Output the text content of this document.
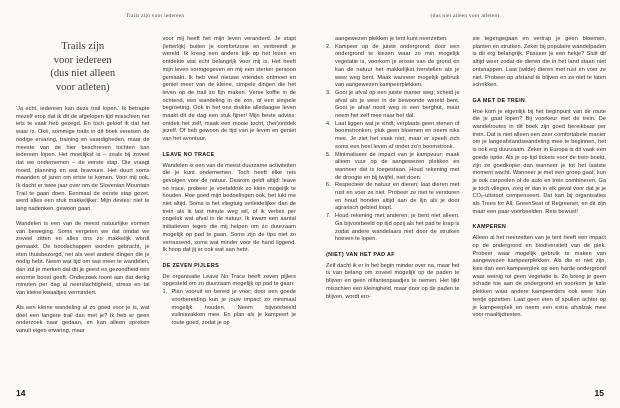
Trails zijn voor iedereen
Trails zijn
voor iedereen
(dus niet alleen
voor atleten)

'Ja echt, iedereen kan deze trail lopen.' Ik betrapte mezelf erop dat ik dit de afgelopen tijd misschien net iets te vaak heb gezegd. En toch geloof ik dat het waar is. Oké, sommige trails in dit boek vereisen de nodige ervaring, training en vaardigheden, maar de meeste van de hier beschreven tochten kan iedereen lopen. Het moeilijkst is – zoals bij zoveel dat we ondernemen – de eerste stap. Die vraagt moed, planning en wat bravoure. Het duurt soms maanden of jaren om ertoe te komen. Voor mij ook. Ik dacht er twee jaar over om de Slovenian Mountain Trail te gaan doen. Eenmaal de eerste stap gezet, werd alles een stuk makkelijker. Mijn devies: niet te lang nadenken, gewoon gaan.

Wandelen is een van de meest natuurlijke vormen van beweging. Soms vergeten we dat omdat we zoveel zitten en alles ons zo makkelijk wordt gemaakt. De boodschappen worden gebracht, je eten thuisbezorgd, net als veel andere dingen die je nodig hebt. Neem wat tijd om wat meer te wandelen, dan zul je merken dat dit je geest en gezondheid een enorme boost geeft. Onderzoek toont aan dat dertig minuten per dag al neerslachtigheid, stress en tal van kleine kwaaltjes vermindert.

Als een kleine wandeling al zo goed voor je is, wat doet een langere trail dan met je? Ik heb er geen onderzoek naar gedaan, en kan alleen spreken vanuit eigen ervaring, maar

voor mij heeft het mijn leven veranderd. Je stapt (letterlijk) buiten je comfortzone en verbreedt je wereld. Ik kreeg een andere kijk op het leven en ontdekte wat echt belangrijk voor mij is. Het heeft mijn leven vormgegeven en mij een sterker persoon gemaakt. Ik heb veel nieuwe vrienden ontmoet en geniet meer van de kleine, simpele dingen die het leven op de trail zo fijn maken. Verse koffie in de ochtend, een wandeling in de zon, of een simpele begroeting. Ook in het ons drukke alledaagse leven maakt dit de dag een stuk fijner! Mijn beste advies: ontdek het zelf, maak een mooie tocht, (her)ontdek jezelf. Of heb gewoon de tijd van je leven en geniet van het avontuur.

LEAVE NO TRACE

Wandelen is een van de meest duurzame activiteiten die je kunt ondernemen. Toch heeft elke reis gevolgen voor de natuur. Daarom geldt altijd: leave no trace, probeer je voetafdruk zo klein mogelijk te houden. Hoe goed mijn bedoelingen ook, het lukt me niet altijd. Soms is het vliegtuig verleidelijker dan de trein als ik last minute weg wil, of ik verlies per ongeluk wat afval in de natuur. Ik kwam een aantal initiatieven tegen die mij helpen om zo duurzaam mogelijk op pad te gaan. Soms zijn de tips niet zo verrassend, soms wat minder voor de hand liggend. Ik hoop dat jij er ook wat aan hebt.

DE ZEVEN PIJLERS

De organisatie Leave No Trace heeft zeven pijlers opgesteld om zo duurzaam mogelijk op pad te gaan:

1. Plan vooruit en bereid je voor; door een goede voorbereiding kun je jouw impact zo minimaal mogelijk houden. Neem bijvoorbeeld vuilniszakken mee. En plan als je kampeert je route goed, zodat je op
14
(dus niet alleen voor atleten)
aangewezen plekken je tent kunt neerzetten.
2. Kampeer op de juiste ondergrond; door een ondergrond te kiezen waar zo min mogelijk vegetatie is, voorkom je erosie van de grond en kan de natuur het makkelijkst herstellen als je weer weg bent. Maak wanneer mogelijk gebruik van aangewezen kampeerplekken.
3. Gooi je afval op een juiste manier weg; scheid je afval als je weer in de bewoonde wereld bent. Gooi je afval nooit weg in een berghut, maar neem het zelf mee naar het dal.
4. Laat liggen wat je vindt; verplaats geen stenen of boomstronken, pluk geen bloemen en neem niks mee. Je ziet het vaak niet, maar er speelt zich soms een heel leven af onder zo'n boomstronk.
5. Minimaliseer de impact van je kampvuur; maak alleen vuur op de aangewezen plekken en wanneer dat is toegestaan. Houd rekening met de droogte en bij twijfel, niet doen.
6. Respecteer de natuur en dieren; laat dieren met rust en voer ze niet. Probeer ze niet te verstoren en houd honden altijd aan de lijn als je door agrarisch gebied loopt.
7. Houd rekening met anderen; je bent niet alleen. Ga bijvoorbeeld op tijd opzij als het pad te krap is zodat andere wandelaars niet door de struiken hoeven te lopen.
(NIET) VAN HET PAD AF

Zelf dacht ik er in het begin minder over na, maar het is van belang om zoveel mogelijk op de paden te blijven en geen olifantenpaadjes te nemen. Het lijkt misschien een kleinigheid, maar door op de paden te blijven, wordt ero-

sie tegengegaan en vertrap je geen bloemen, planten en struiken. Zeker bij populaire wandelpaden is dit erg belangrijk. Passeer je een hekje? Sluit dit altijd weer zodat de dieren die in het land staan niet ontsnappen. Laat (wilde) dieren met rust en voer ze niet. Probeer op afstand te blijven en ze niet te laten schrikken.

GA MET DE TREIN

Hoe kom je eigenlijk bij het beginpunt van de route die je gaat lopen? Bij voorkeur met de trein. De wandelroutes in dit boek zijn goed bereikbaar per trein. Dat is niet alleen een zeer comfortabele manier om je langeafstandswandeling mee te beginnen, het is ook erg duurzaam. Zeker in Europa is dit vaak een goede optie. Als je op tijd tickets voor de trein boekt, zijn ze goedkoper dan wanneer je tot het laatste moment wacht. Wanneer je met een groep gaat, kun je ook carpoolen of de auto en trein combineren. Ga je toch vliegen, zorg er dan in elk geval voor dat je je CO₂-uitstoot compenseert. Dat kan bij organisaties als Trees for All, GreenSeat of Regreener, en dit zijn maar een paar voorbeelden. Reis bewust!

KAMPEREN

Alleen al het neerzetten van je tent heeft een impact op de ondergrond en biodiversiteit van de plek. Probeer waar mogelijk gebruik te maken van aangewezen kampeerplekken. Als die er niet zijn, kies dan een kampeerplek op een harde ondergrond waar weinig tot geen vegetatie is. Zo breng je geen schade toe aan de ondergrond en voorkom je kale plekken waar andere kampeerders ook weer hun tentje opzetten. Laat geen eten of spullen achter op je kampeerplek en neem een extra afvalzak mee voor maaltijdresten.

15
